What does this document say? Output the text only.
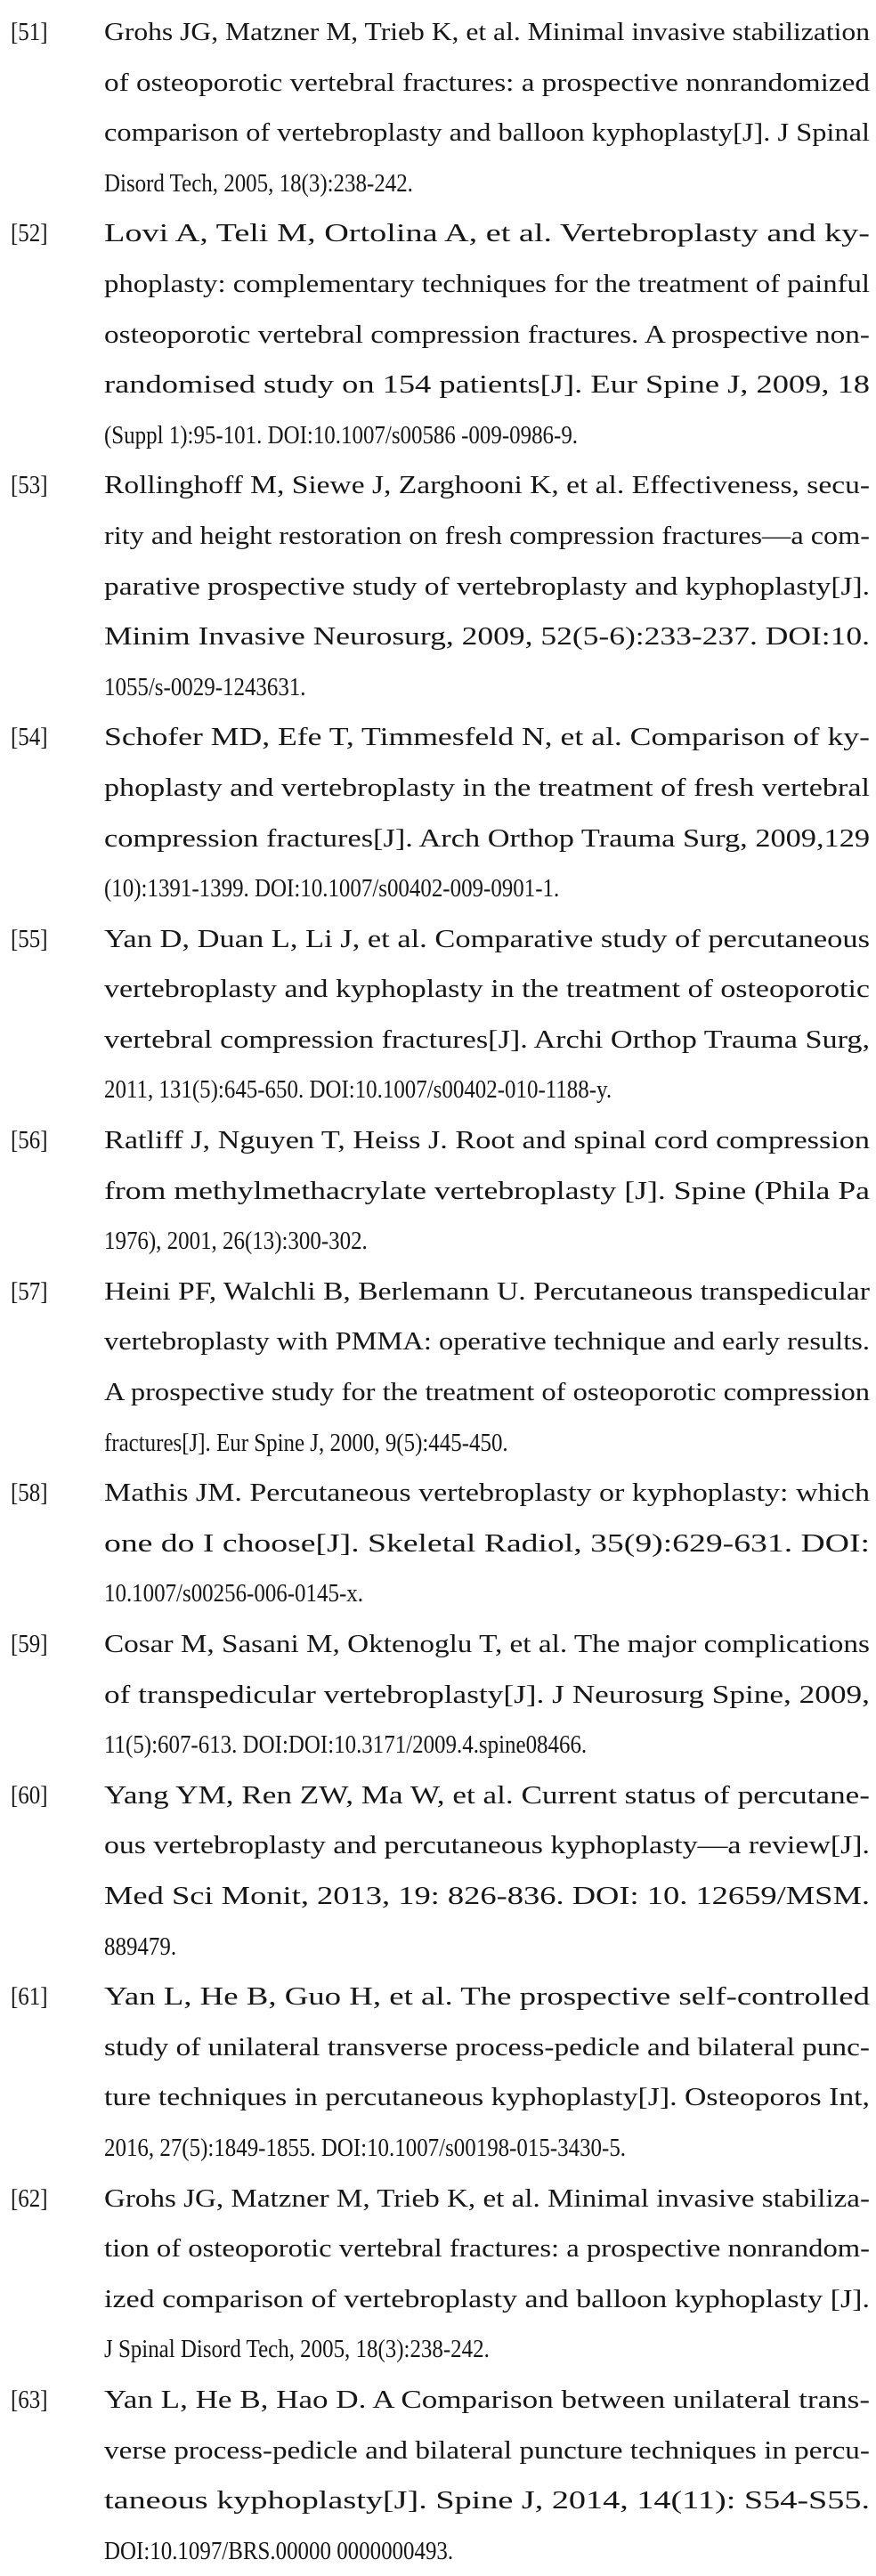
[51] Grohs JG, Matzner M, Trieb K, et al. Minimal invasive stabilization
of osteoporotic vertebral fractures: a prospective nonrandomized
comparison of vertebroplasty and balloon kyphoplasty[J]. J Spinal
Disord Tech, 2005, 18(3):238-242.
[52] Lovi A, Teli M, Ortolina A, et al. Vertebroplasty and ky-
phoplasty: complementary techniques for the treatment of painful
osteoporotic vertebral compression fractures. A prospective non-
randomised study on 154 patients[J]. Eur Spine J, 2009, 18
(Suppl 1):95-101. DOI:10.1007/s00586 -009-0986-9.
[53] Rollinghoff M, Siewe J, Zarghooni K, et al. Effectiveness, secu-
rity and height restoration on fresh compression fractures—a com-
parative prospective study of vertebroplasty and kyphoplasty[J].
Minim Invasive Neurosurg, 2009, 52(5-6):233-237. DOI:10.
1055/s-0029-1243631.
[54] Schofer MD, Efe T, Timmesfeld N, et al. Comparison of ky-
phoplasty and vertebroplasty in the treatment of fresh vertebral
compression fractures[J]. Arch Orthop Trauma Surg, 2009,129
(10):1391-1399. DOI:10.1007/s00402-009-0901-1.
[55] Yan D, Duan L, Li J, et al. Comparative study of percutaneous
vertebroplasty and kyphoplasty in the treatment of osteoporotic
vertebral compression fractures[J]. Archi Orthop Trauma Surg,
2011, 131(5):645-650. DOI:10.1007/s00402-010-1188-y.
[56] Ratliff J, Nguyen T, Heiss J. Root and spinal cord compression
from methylmethacrylate vertebroplasty [J]. Spine (Phila Pa
1976), 2001, 26(13):300-302.
[57] Heini PF, Walchli B, Berlemann U. Percutaneous transpedicular
vertebroplasty with PMMA: operative technique and early results.
A prospective study for the treatment of osteoporotic compression
fractures[J]. Eur Spine J, 2000, 9(5):445-450.
[58] Mathis JM. Percutaneous vertebroplasty or kyphoplasty: which
one do I choose[J]. Skeletal Radiol, 35(9):629-631. DOI:
10.1007/s00256-006-0145-x.
[59] Cosar M, Sasani M, Oktenoglu T, et al. The major complications
of transpedicular vertebroplasty[J]. J Neurosurg Spine, 2009,
11(5):607-613. DOI:DOI:10.3171/2009.4.spine08466.
[60] Yang YM, Ren ZW, Ma W, et al. Current status of percutane-
ous vertebroplasty and percutaneous kyphoplasty—a review[J].
Med Sci Monit, 2013, 19: 826-836. DOI: 10. 12659/MSM.
889479.
[61] Yan L, He B, Guo H, et al. The prospective self-controlled
study of unilateral transverse process-pedicle and bilateral punc-
ture techniques in percutaneous kyphoplasty[J]. Osteoporos Int,
2016, 27(5):1849-1855. DOI:10.1007/s00198-015-3430-5.
[62] Grohs JG, Matzner M, Trieb K, et al. Minimal invasive stabiliza-
tion of osteoporotic vertebral fractures: a prospective nonrandom-
ized comparison of vertebroplasty and balloon kyphoplasty [J].
J Spinal Disord Tech, 2005, 18(3):238-242.
[63] Yan L, He B, Hao D. A Comparison between unilateral trans-
verse process-pedicle and bilateral puncture techniques in percu-
taneous kyphoplasty[J]. Spine J, 2014, 14(11): S54-S55.
DOI:10.1097/BRS.00000 0000000493.
